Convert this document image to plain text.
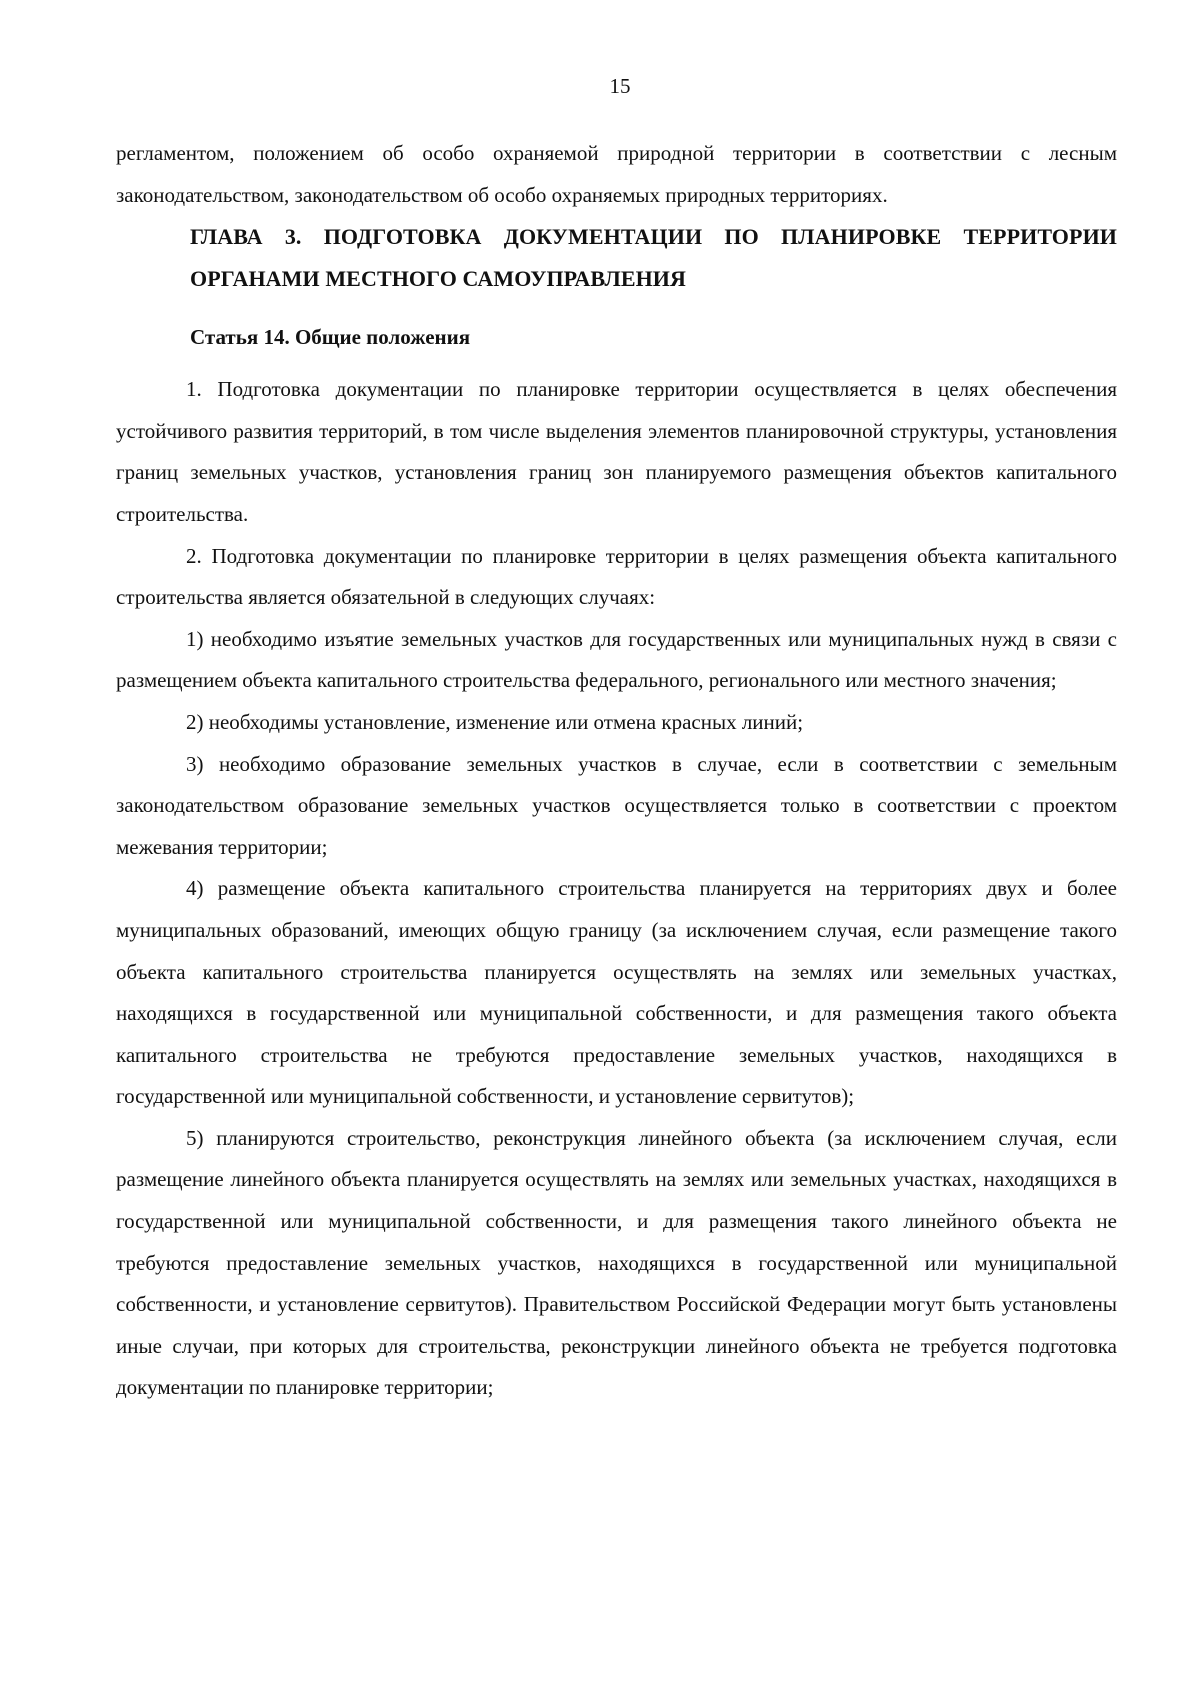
15

регламентом, положением об особо охраняемой природной территории в соответствии с лесным законодательством, законодательством об особо охраняемых природных территориях.

ГЛАВА 3. ПОДГОТОВКА ДОКУМЕНТАЦИИ ПО ПЛАНИРОВКЕ ТЕРРИТОРИИ ОРГАНАМИ МЕСТНОГО САМОУПРАВЛЕНИЯ
Статья 14. Общие положения

1. Подготовка документации по планировке территории осуществляется в целях обеспечения устойчивого развития территорий, в том числе выделения элементов планировочной структуры, установления границ земельных участков, установления границ зон планируемого размещения объектов капитального строительства.

2. Подготовка документации по планировке территории в целях размещения объекта капитального строительства является обязательной в следующих случаях:

1) необходимо изъятие земельных участков для государственных или муниципальных нужд в связи с размещением объекта капитального строительства федерального, регионального или местного значения;

2) необходимы установление, изменение или отмена красных линий;

3) необходимо образование земельных участков в случае, если в соответствии с земельным законодательством образование земельных участков осуществляется только в соответствии с проектом межевания территории;

4) размещение объекта капитального строительства планируется на территориях двух и более муниципальных образований, имеющих общую границу (за исключением случая, если размещение такого объекта капитального строительства планируется осуществлять на землях или земельных участках, находящихся в государственной или муниципальной собственности, и для размещения такого объекта капитального строительства не требуются предоставление земельных участков, находящихся в государственной или муниципальной собственности, и установление сервитутов);

5) планируются строительство, реконструкция линейного объекта (за исключением случая, если размещение линейного объекта планируется осуществлять на землях или земельных участках, находящихся в государственной или муниципальной собственности, и для размещения такого линейного объекта не требуются предоставление земельных участков, находящихся в государственной или муниципальной собственности, и установление сервитутов). Правительством Российской Федерации могут быть установлены иные случаи, при которых для строительства, реконструкции линейного объекта не требуется подготовка документации по планировке территории;
